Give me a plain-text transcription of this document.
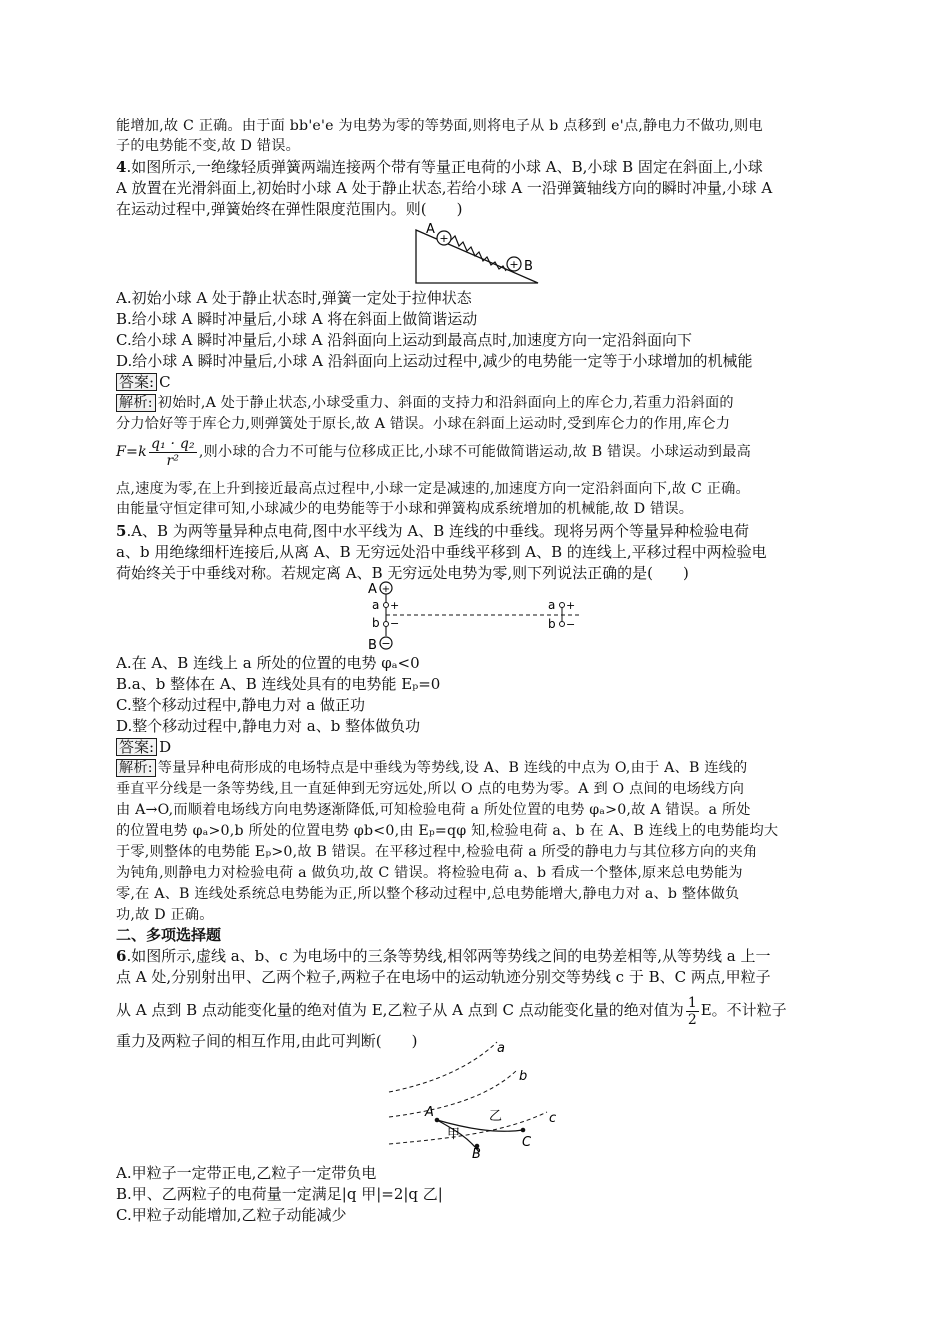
能增加,故 C 正确。由于面 bb'e'e 为电势为零的等势面,则将电子从 b 点移到 e'点,静电力不做功,则电
子的电势能不变,故 D 错误。
4.如图所示,一绝缘轻质弹簧两端连接两个带有等量正电荷的小球 A、B,小球 B 固定在斜面上,小球
A 放置在光滑斜面上,初始时小球 A 处于静止状态,若给小球 A 一沿弹簧轴线方向的瞬时冲量,小球 A
在运动过程中,弹簧始终在弹性限度范围内。则(　　)
+
+
A
B
A.初始小球 A 处于静止状态时,弹簧一定处于拉伸状态
B.给小球 A 瞬时冲量后,小球 A 将在斜面上做简谐运动
C.给小球 A 瞬时冲量后,小球 A 沿斜面向上运动到最高点时,加速度方向一定沿斜面向下
D.给小球 A 瞬时冲量后,小球 A 沿斜面向上运动过程中,减少的电势能一定等于小球增加的机械能
答案: C
解析: 初始时,A 处于静止状态,小球受重力、斜面的支持力和沿斜面向上的库仑力,若重力沿斜面的
分力恰好等于库仑力,则弹簧处于原长,故 A 错误。小球在斜面上运动时,受到库仑力的作用,库仑力
$F=k \frac{\text{q₁ · q₂}}{\text{r²}}$ ,则小球的合力不可能与位移成正比,小球不可能做简谐运动,故 B 错误。小球运动到最高
点,速度为零,在上升到接近最高点过程中,小球一定是减速的,加速度方向一定沿斜面向下,故 C 正确。
由能量守恒定律可知,小球减少的电势能等于小球和弹簧构成系统增加的机械能,故 D 错误。
5.A、B 为两等量异种点电荷,图中水平线为 A、B 连线的中垂线。现将另两个等量异种检验电荷
a、b 用绝缘细杆连接后,从离 A、B 无穷远处沿中垂线平移到 A、B 的连线上,平移过程中两检验电
荷始终关于中垂线对称。若规定离 A、B 无穷远处电势为零,则下列说法正确的是(　　)
A +
a +
b −
B −
a +
b −
A.在 A、B 连线上 a 所处的位置的电势 φₐ<0
B.a、b 整体在 A、B 连线处具有的电势能 Eₚ=0
C.整个移动过程中,静电力对 a 做正功
D.整个移动过程中,静电力对 a、b 整体做负功
答案: D
解析: 等量异种电荷形成的电场特点是中垂线为等势线,设 A、B 连线的中点为 O,由于 A、B 连线的
垂直平分线是一条等势线,且一直延伸到无穷远处,所以 O 点的电势为零。A 到 O 点间的电场线方向
由 A→O,而顺着电场线方向电势逐渐降低,可知检验电荷 a 所处位置的电势 φₐ>0,故 A 错误。a 所处
的位置电势 φₐ>0,b 所处的位置电势 φb<0,由 Eₚ=qφ 知,检验电荷 a、b 在 A、B 连线上的电势能均大
于零,则整体的电势能 Eₚ>0,故 B 错误。在平移过程中,检验电荷 a 所受的静电力与其位移方向的夹角
为钝角,则静电力对检验电荷 a 做负功,故 C 错误。将检验电荷 a、b 看成一个整体,原来总电势能为
零,在 A、B 连线处系统总电势能为正,所以整个移动过程中,总电势能增大,静电力对 a、b 整体做负
功,故 D 正确。
二、多项选择题
6.如图所示,虚线 a、b、c 为电场中的三条等势线,相邻两等势线之间的电势差相等,从等势线 a 上一
点 A 处,分别射出甲、乙两个粒子,两粒子在电场中的运动轨迹分别交等势线 c 于 B、C 两点,甲粒子
从 A 点到 B 点动能变化量的绝对值为 E,乙粒子从 A 点到 C 点动能变化量的绝对值为 $\frac{1}{2}$ E。不计粒子
重力及两粒子间的相互作用,由此可判断(　　)	a
b
c
A
B
C
甲
乙
A.甲粒子一定带正电,乙粒子一定带负电
B.甲、乙两粒子的电荷量一定满足|q 甲|=2|q 乙|
C.甲粒子动能增加,乙粒子动能减少
